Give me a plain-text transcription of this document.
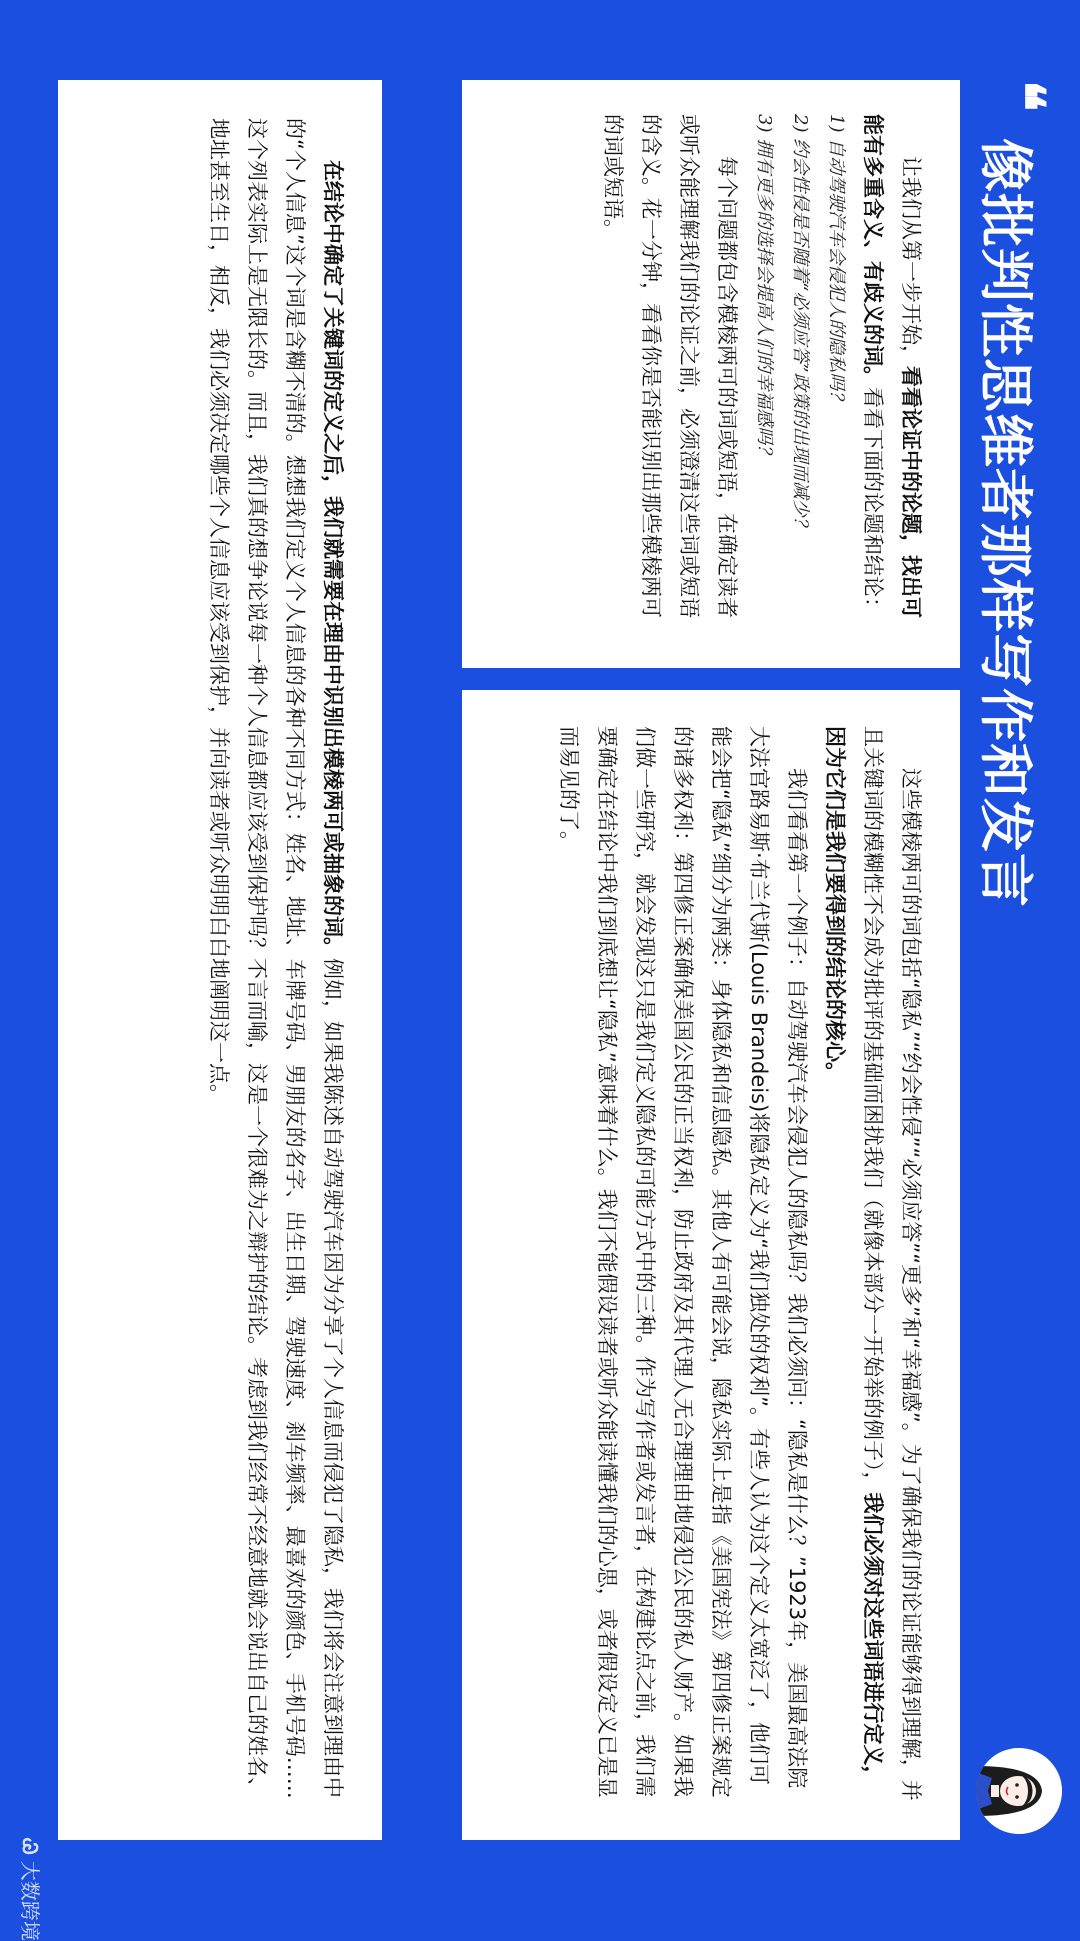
❝
像批判性思维者那样写作和发言

让我们从第一步开始，看看论证中的论题，找出可能有多重含义、有歧义的词。看看下面的论题和结论：

1) 自动驾驶汽车会侵犯人的隐私吗？

2) 约会性侵是否随着“必须应答”政策的出现而减少？

3) 拥有更多的选择会提高人们的幸福感吗？

每个问题都包含模棱两可的词或短语，在确定读者或听众能理解我们的论证之前，必须澄清这些词或短语的含义。花一分钟，看看你是否能识别出那些模棱两可的词或短语。

这些模棱两可的词包括“隐私”“约会性侵”“必须应答”“更多”和“幸福感”。为了确保我们的论证能够得到理解，并且关键词的模糊性不会成为批评的基础而困扰我们（就像本部分一开始举的例子），我们必须对这些词语进行定义，因为它们是我们要得到的结论的核心。

我们看看第一个例子：自动驾驶汽车会侵犯人的隐私吗？我们必须问：“隐私是什么？”1923年，美国最高法院大法官路易斯·布兰代斯(Louis Brandeis)将隐私定义为“我们独处的权利”。有些人认为这个定义太宽泛了，他们可能会把“隐私”细分为两类：身体隐私和信息隐私。其他人有可能会说，隐私实际上是指《美国宪法》第四修正案规定的诸多权利：第四修正案确保美国公民的正当权利，防止政府及其代理人无合理理由地侵犯公民的私人财产。如果我们做一些研究，就会发现这只是我们定义隐私的可能方式中的三种。作为写作者或发言者，在构建论点之前，我们需要确定在结论中我们到底想让“隐私”意味着什么。我们不能假设读者或听众能读懂我们的心思，或者假设定义已是显而易见的了。

在结论中确定了关键词的定义之后，我们就需要在理由中识别出模棱两可或抽象的词。例如，如果我陈述自动驾驶汽车因为分享了个人信息而侵犯了隐私，我们将会注意到理由中的“个人信息”这个词是含糊不清的。想想我们定义个人信息的各种不同方式：姓名、地址、车牌号码、男朋友的名字、出生日期、驾驶速度、刹车频率、最喜欢的颜色、手机号码……这个列表实际上是无限长的。而且，我们真的想争论说每一种个人信息都应该受到保护吗？不言而喻，这是一个很难为之辩护的结论。考虑到我们经常不经意地就会说出自己的姓名、地址甚至生日，相反，我们必须决定哪些个人信息应该受到保护，并向读者或听众明明白白地阐明这一点。

Ꮚ大数跨境
